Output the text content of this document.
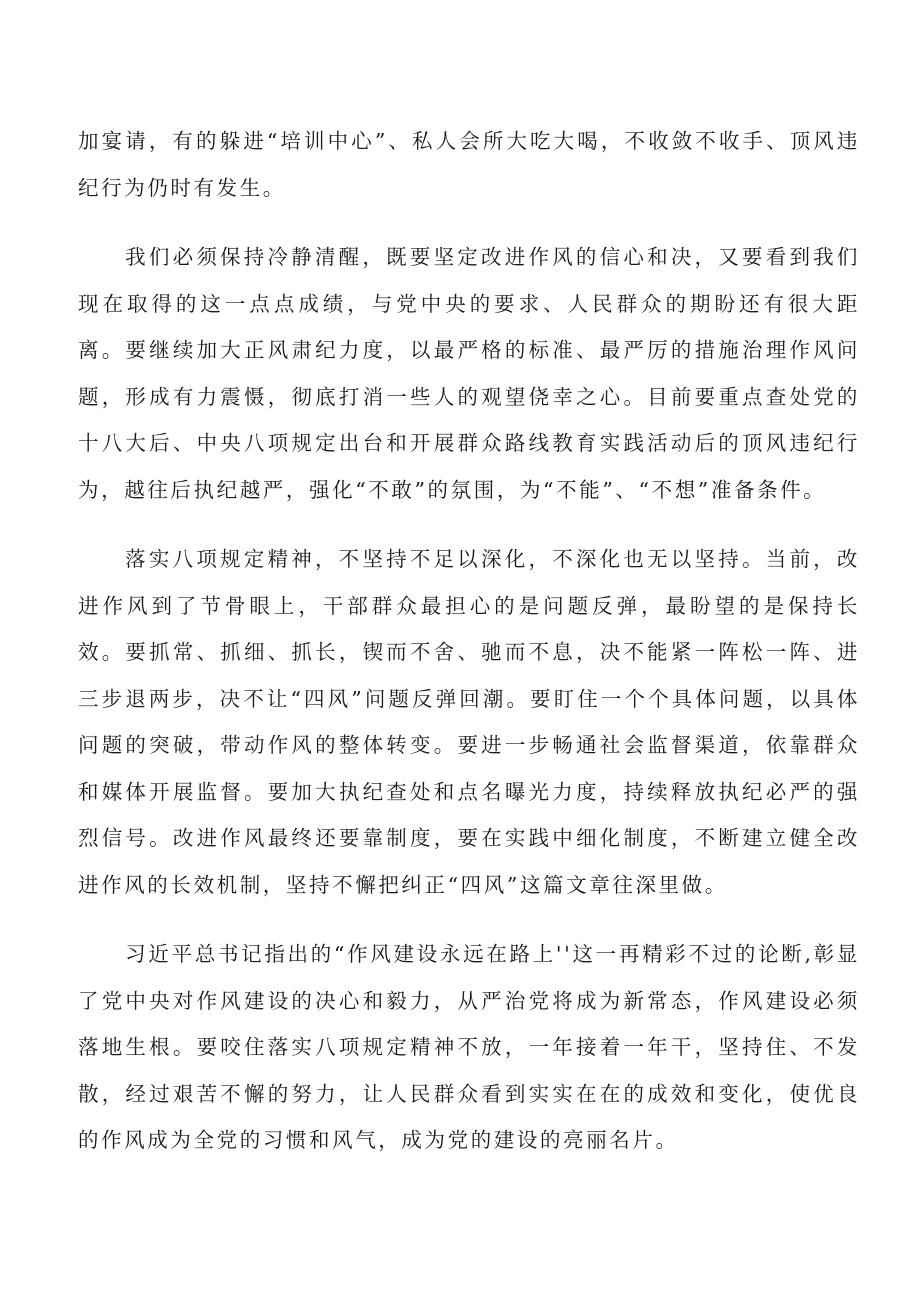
加宴请，有的躲进“培训中心”、私人会所大吃大喝，不收敛不收手、顶风违纪行为仍时有发生。

我们必须保持冷静清醒，既要坚定改进作风的信心和决，又要看到我们现在取得的这一点点成绩，与党中央的要求、人民群众的期盼还有很大距离。要继续加大正风肃纪力度，以最严格的标准、最严厉的措施治理作风问题，形成有力震慑，彻底打消一些人的观望侥幸之心。目前要重点查处党的十八大后、中央八项规定出台和开展群众路线教育实践活动后的顶风违纪行为，越往后执纪越严，强化“不敢”的氛围，为“不能”、“不想”准备条件。

落实八项规定精神，不坚持不足以深化，不深化也无以坚持。当前，改进作风到了节骨眼上，干部群众最担心的是问题反弹，最盼望的是保持长效。要抓常、抓细、抓长，锲而不舍、驰而不息，决不能紧一阵松一阵、进三步退两步，决不让“四风”问题反弹回潮。要盯住一个个具体问题，以具体问题的突破，带动作风的整体转变。要进一步畅通社会监督渠道，依靠群众和媒体开展监督。要加大执纪查处和点名曝光力度，持续释放执纪必严的强烈信号。改进作风最终还要靠制度，要在实践中细化制度，不断建立健全改进作风的长效机制，坚持不懈把纠正“四风”这篇文章往深里做。

习近平总书记指出的“作风建设永远在路上''这一再精彩不过的论断,彰显了党中央对作风建设的决心和毅力，从严治党将成为新常态，作风建设必须落地生根。要咬住落实八项规定精神不放，一年接着一年干，坚持住、不发散，经过艰苦不懈的努力，让人民群众看到实实在在的成效和变化，使优良的作风成为全党的习惯和风气，成为党的建设的亮丽名片。
